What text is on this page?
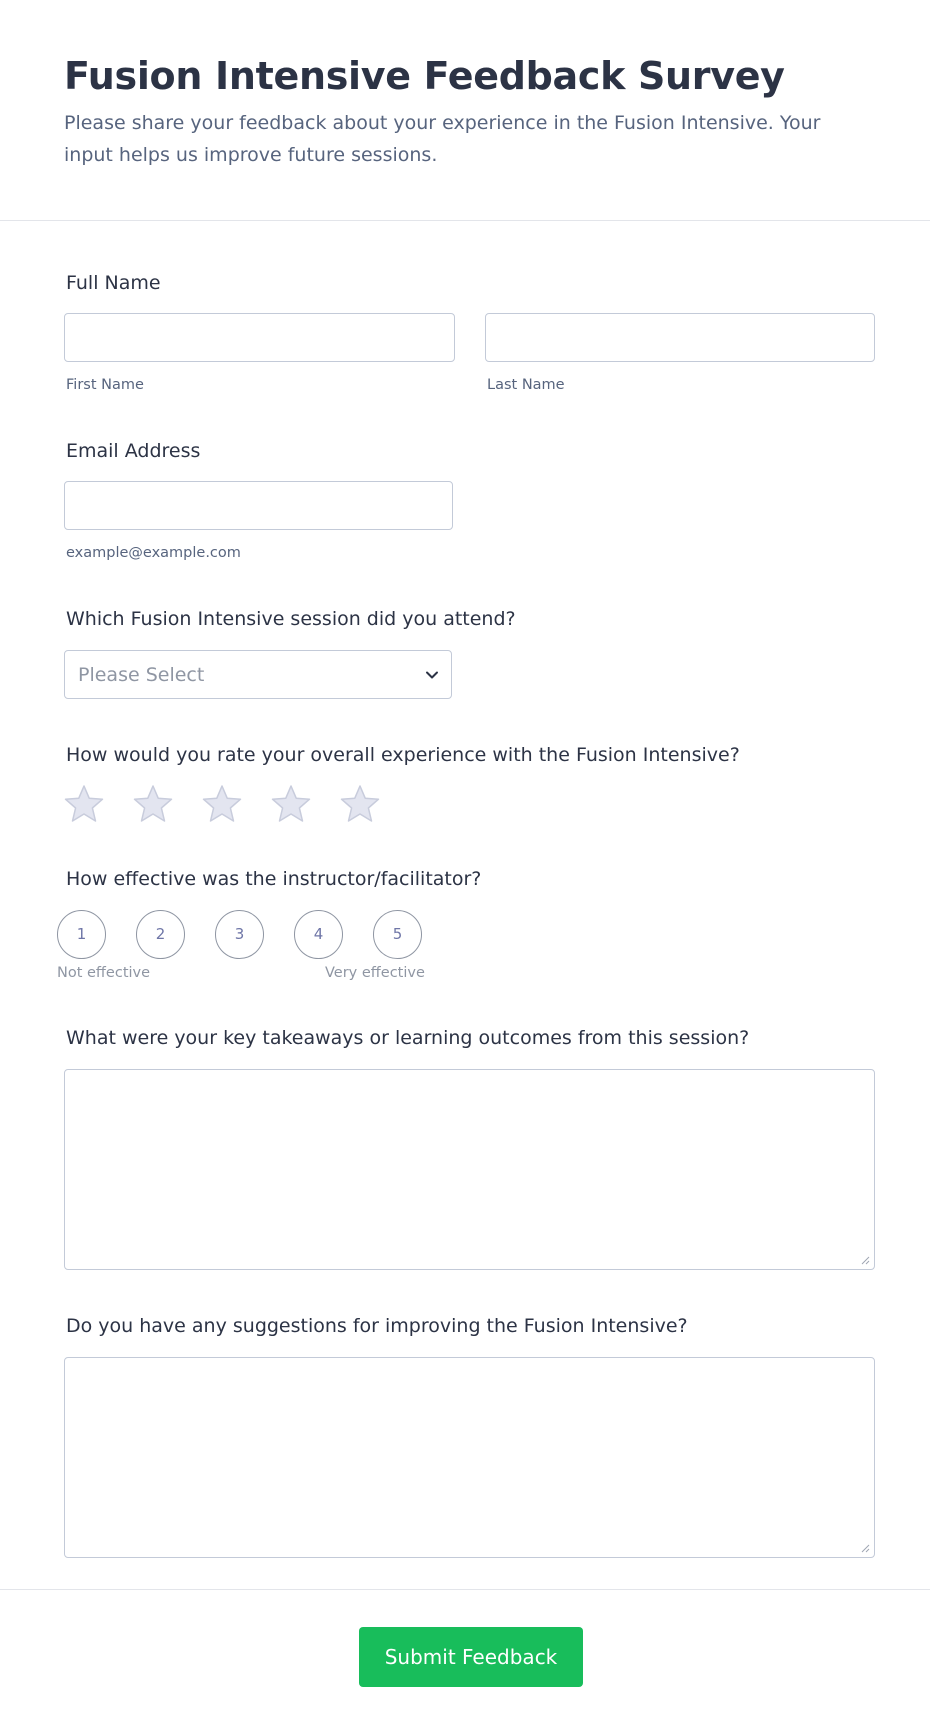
Fusion Intensive Feedback Survey

Please share your feedback about your experience in the Fusion Intensive. Your input helps us improve future sessions.

Full Name
First Name	Last Name
Email Address
example@example.com
Which Fusion Intensive session did you attend?
Please Select
How would you rate your overall experience with the Fusion Intensive?
How effective was the instructor/facilitator?
1	2	3	4	5
Not effective	Very effective
What were your key takeaways or learning outcomes from this session?
Do you have any suggestions for improving the Fusion Intensive?
Submit Feedback
